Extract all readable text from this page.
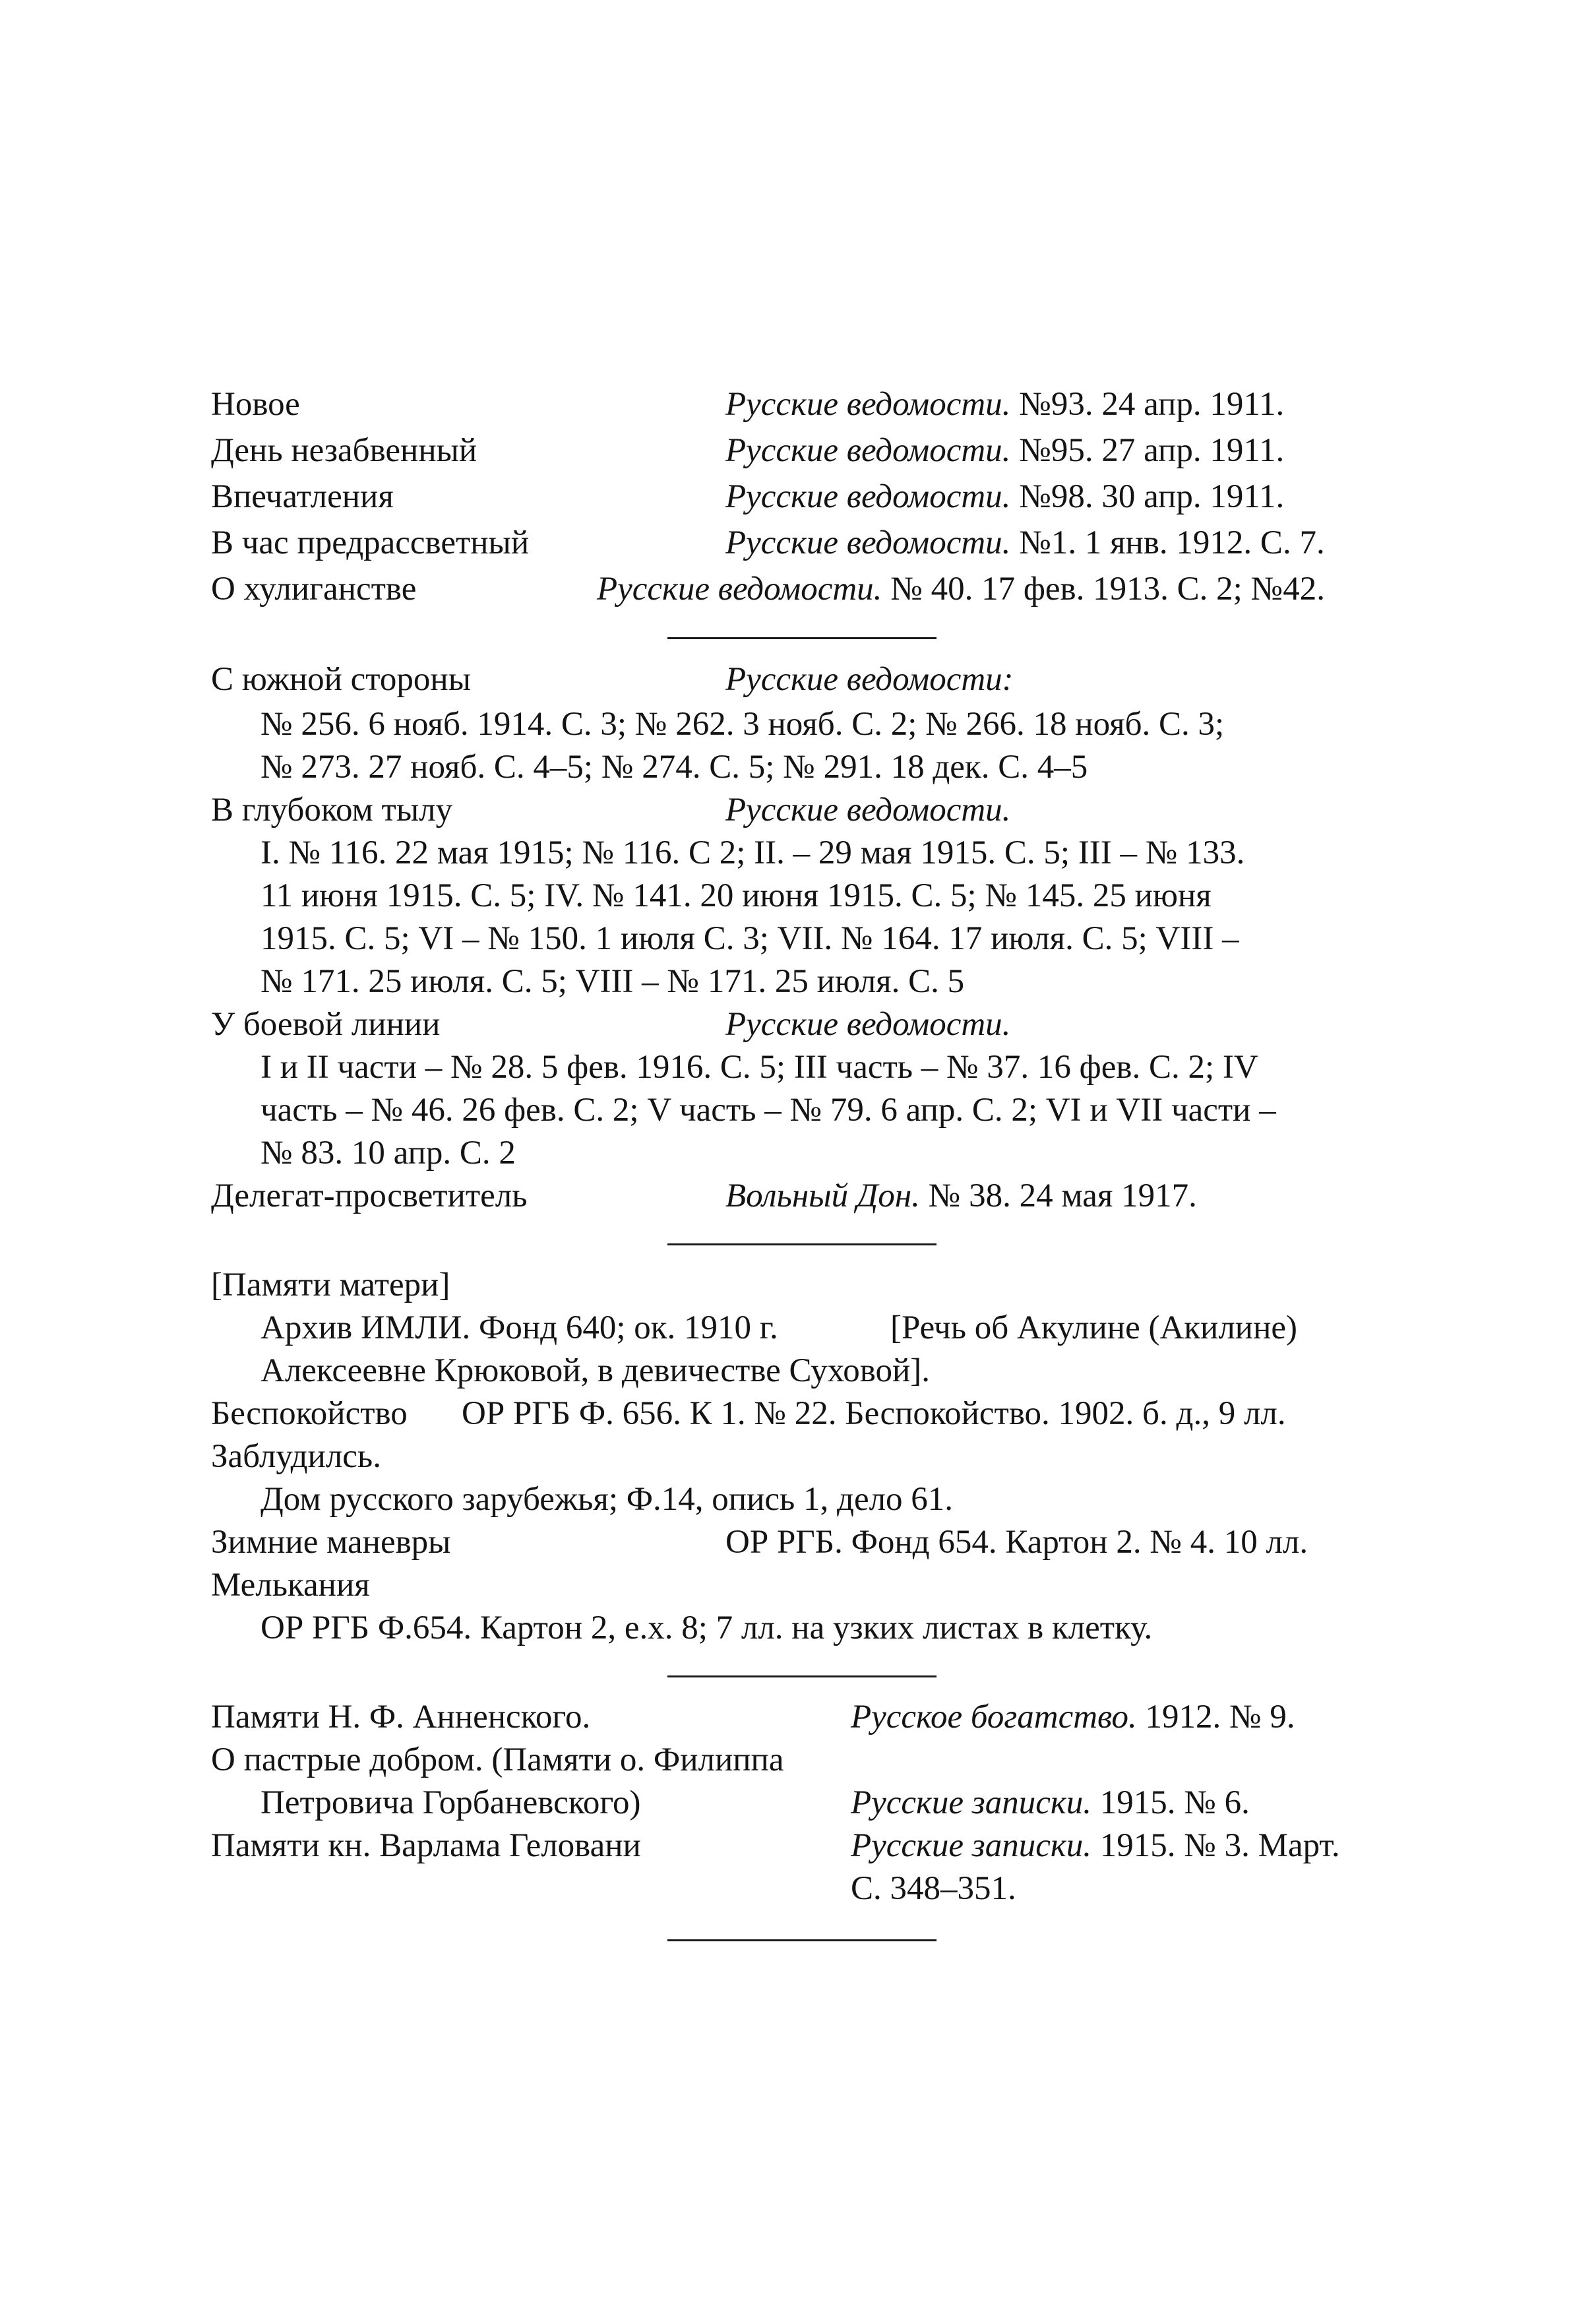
Новое	Русские ведомости. №93. 24 апр. 1911.
День незабвенный	Русские ведомости. №95. 27 апр. 1911.
Впечатления	Русские ведомости. №98. 30 апр. 1911.
В час предрассветный	Русские ведомости. №1. 1 янв. 1912. С. 7.
О хулиганстве	Русские ведомости. № 40. 17 фев. 1913. С. 2; №42.
С южной стороны	Русские ведомости:
№ 256. 6 нояб. 1914. С. 3; № 262. 3 нояб. С. 2; № 266. 18 нояб. С. 3;
№ 273. 27 нояб. С. 4–5; № 274. С. 5; № 291. 18 дек. С. 4–5
В глубоком тылу	Русские ведомости.
I. № 116. 22 мая 1915; № 116. С 2; II. – 29 мая 1915. С. 5; III – № 133.
11 июня 1915. С. 5; IV. № 141. 20 июня 1915. С. 5; № 145. 25 июня
1915. С. 5; VI – № 150. 1 июля С. 3; VII. № 164. 17 июля. С. 5; VIII –
№ 171. 25 июля. С. 5; VIII – № 171. 25 июля. С. 5
У боевой линии	Русские ведомости.
I и II части – № 28. 5 фев. 1916. С. 5; III часть – № 37. 16 фев. С. 2; IV
часть – № 46. 26 фев. С. 2; V часть – № 79. 6 апр. С. 2; VI и VII части –
№ 83. 10 апр. С. 2
Делегат-просветитель	Вольный Дон. № 38. 24 мая 1917.
[Памяти матери]
Архив ИМЛИ. Фонд 640; ок. 1910 г.	[Речь об Акулине (Акилине)
Алексеевне Крюковой, в девичестве Суховой].
Беспокойство ОР РГБ Ф. 656. К 1. № 22. Беспокойство. 1902. б. д., 9 лл.
Заблудилсь.
Дом русского зарубежья; Ф.14, опись 1, дело 61.
Зимние маневры	ОР РГБ. Фонд 654. Картон 2. № 4. 10 лл.
Мелькания
ОР РГБ Ф.654. Картон 2, е.х. 8; 7 лл. на узких листах в клетку.
Памяти Н. Ф. Анненского.	Русское богатство. 1912. № 9.
О пастрые добром. (Памяти о. Филиппа
Петровича Горбаневского)	Русские записки. 1915. № 6.
Памяти кн. Варлама Геловани	Русские записки. 1915. № 3. Март.
С. 348–351.
